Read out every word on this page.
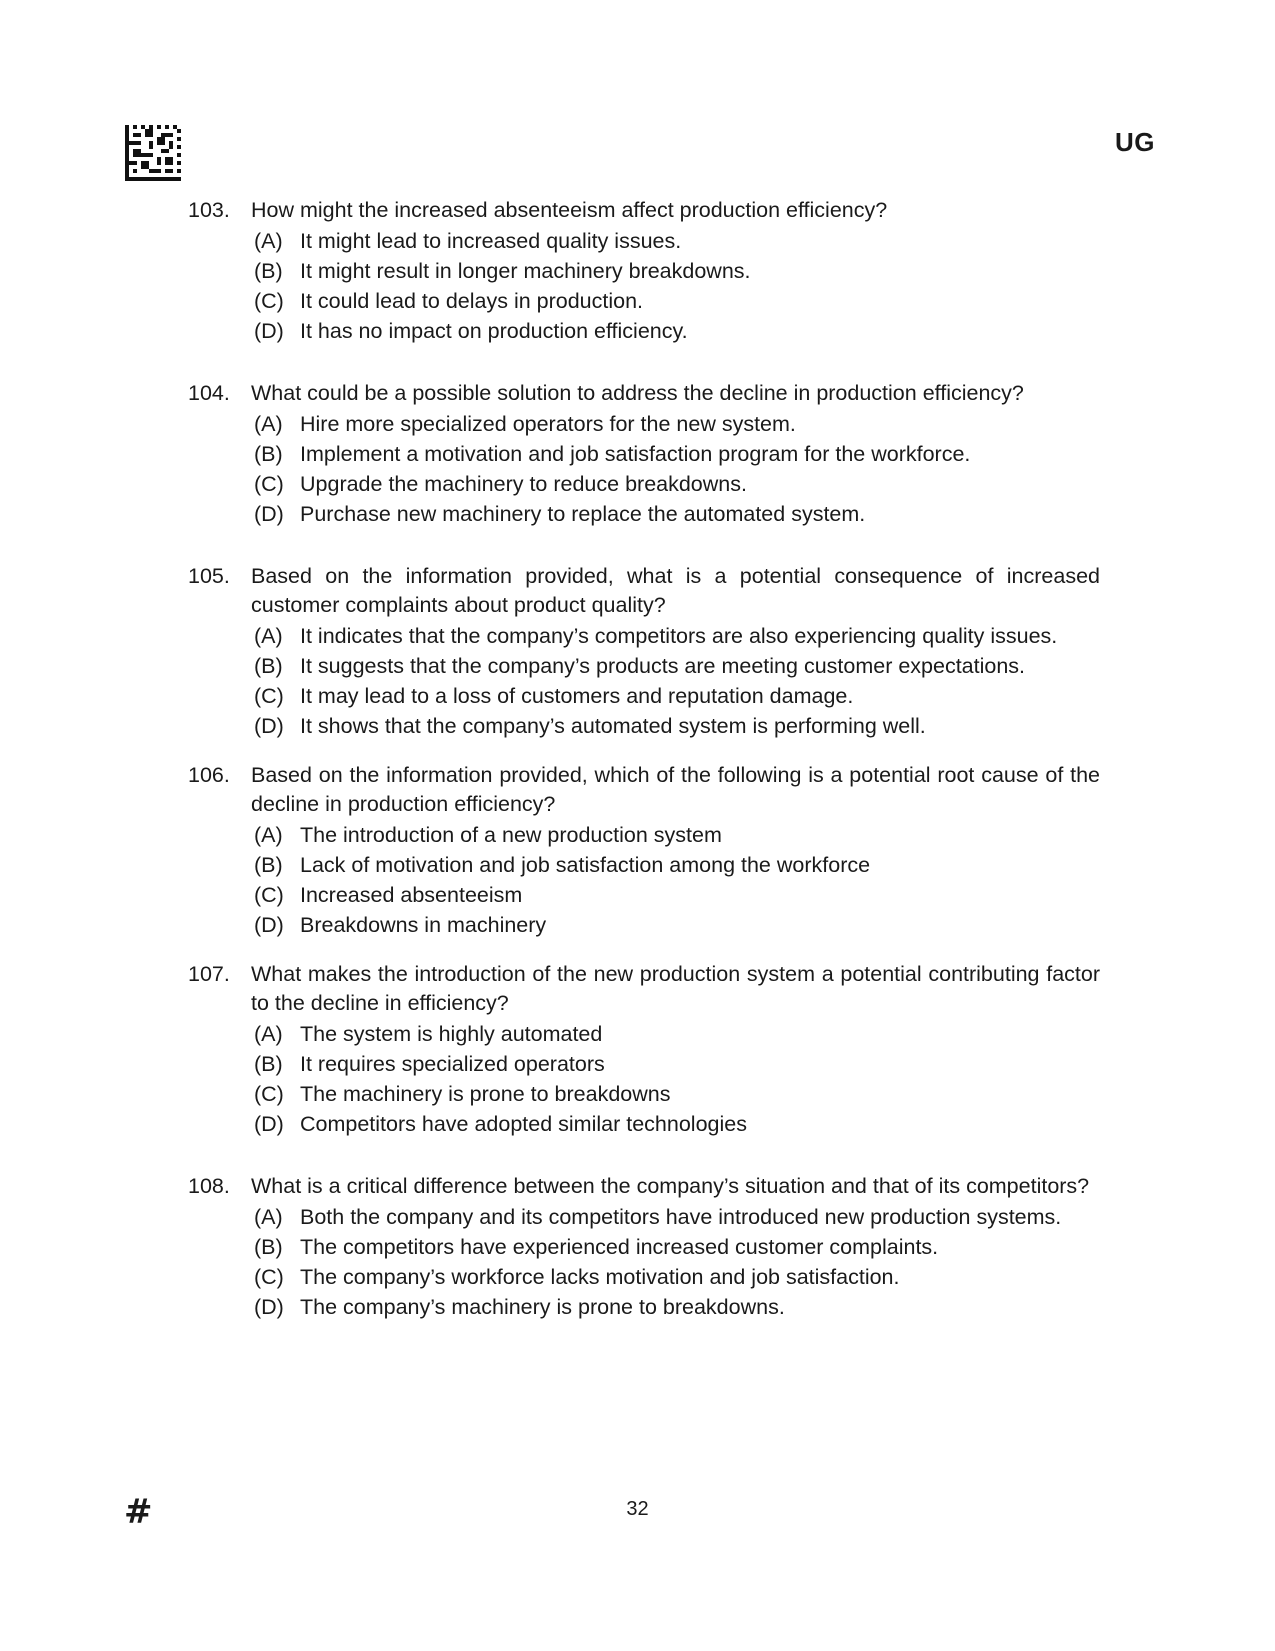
UG
103. How might the increased absenteeism affect production efficiency?
(A) It might lead to increased quality issues.
(B) It might result in longer machinery breakdowns.
(C) It could lead to delays in production.
(D) It has no impact on production efficiency.
104. What could be a possible solution to address the decline in production efficiency?
(A) Hire more specialized operators for the new system.
(B) Implement a motivation and job satisfaction program for the workforce.
(C) Upgrade the machinery to reduce breakdowns.
(D) Purchase new machinery to replace the automated system.
105. Based on the information provided, what is a potential consequence of increased customer complaints about product quality?
(A) It indicates that the company’s competitors are also experiencing quality issues.
(B) It suggests that the company’s products are meeting customer expectations.
(C) It may lead to a loss of customers and reputation damage.
(D) It shows that the company’s automated system is performing well.
106. Based on the information provided, which of the following is a potential root cause of the decline in production efficiency?
(A) The introduction of a new production system
(B) Lack of motivation and job satisfaction among the workforce
(C) Increased absenteeism
(D) Breakdowns in machinery
107. What makes the introduction of the new production system a potential contributing factor to the decline in efficiency?
(A) The system is highly automated
(B) It requires specialized operators
(C) The machinery is prone to breakdowns
(D) Competitors have adopted similar technologies
108. What is a critical difference between the company’s situation and that of its competitors?
(A) Both the company and its competitors have introduced new production systems.
(B) The competitors have experienced increased customer complaints.
(C) The company’s workforce lacks motivation and job satisfaction.
(D) The company’s machinery is prone to breakdowns.
#	32
